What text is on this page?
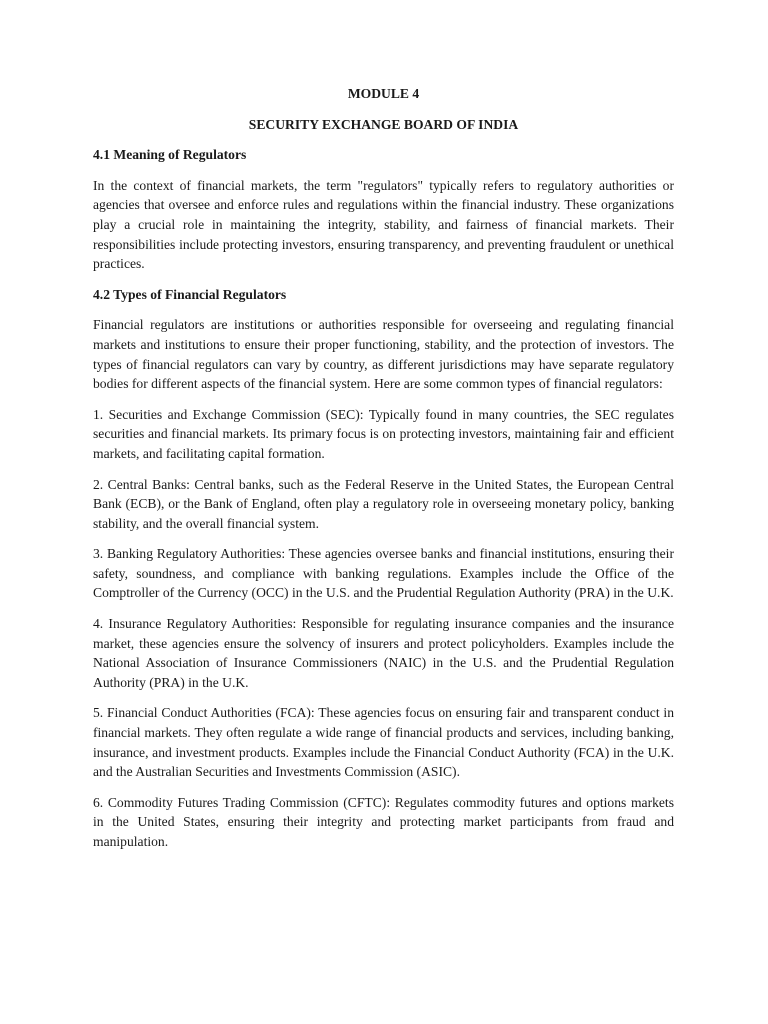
MODULE 4

SECURITY EXCHANGE BOARD OF INDIA

4.1 Meaning of Regulators

In the context of financial markets, the term "regulators" typically refers to regulatory authorities or agencies that oversee and enforce rules and regulations within the financial industry. These organizations play a crucial role in maintaining the integrity, stability, and fairness of financial markets. Their responsibilities include protecting investors, ensuring transparency, and preventing fraudulent or unethical practices.

4.2 Types of Financial Regulators

Financial regulators are institutions or authorities responsible for overseeing and regulating financial markets and institutions to ensure their proper functioning, stability, and the protection of investors. The types of financial regulators can vary by country, as different jurisdictions may have separate regulatory bodies for different aspects of the financial system. Here are some common types of financial regulators:

1. Securities and Exchange Commission (SEC): Typically found in many countries, the SEC regulates securities and financial markets. Its primary focus is on protecting investors, maintaining fair and efficient markets, and facilitating capital formation.

2. Central Banks: Central banks, such as the Federal Reserve in the United States, the European Central Bank (ECB), or the Bank of England, often play a regulatory role in overseeing monetary policy, banking stability, and the overall financial system.

3. Banking Regulatory Authorities: These agencies oversee banks and financial institutions, ensuring their safety, soundness, and compliance with banking regulations. Examples include the Office of the Comptroller of the Currency (OCC) in the U.S. and the Prudential Regulation Authority (PRA) in the U.K.

4. Insurance Regulatory Authorities: Responsible for regulating insurance companies and the insurance market, these agencies ensure the solvency of insurers and protect policyholders. Examples include the National Association of Insurance Commissioners (NAIC) in the U.S. and the Prudential Regulation Authority (PRA) in the U.K.

5. Financial Conduct Authorities (FCA): These agencies focus on ensuring fair and transparent conduct in financial markets. They often regulate a wide range of financial products and services, including banking, insurance, and investment products. Examples include the Financial Conduct Authority (FCA) in the U.K. and the Australian Securities and Investments Commission (ASIC).

6. Commodity Futures Trading Commission (CFTC): Regulates commodity futures and options markets in the United States, ensuring their integrity and protecting market participants from fraud and manipulation.
